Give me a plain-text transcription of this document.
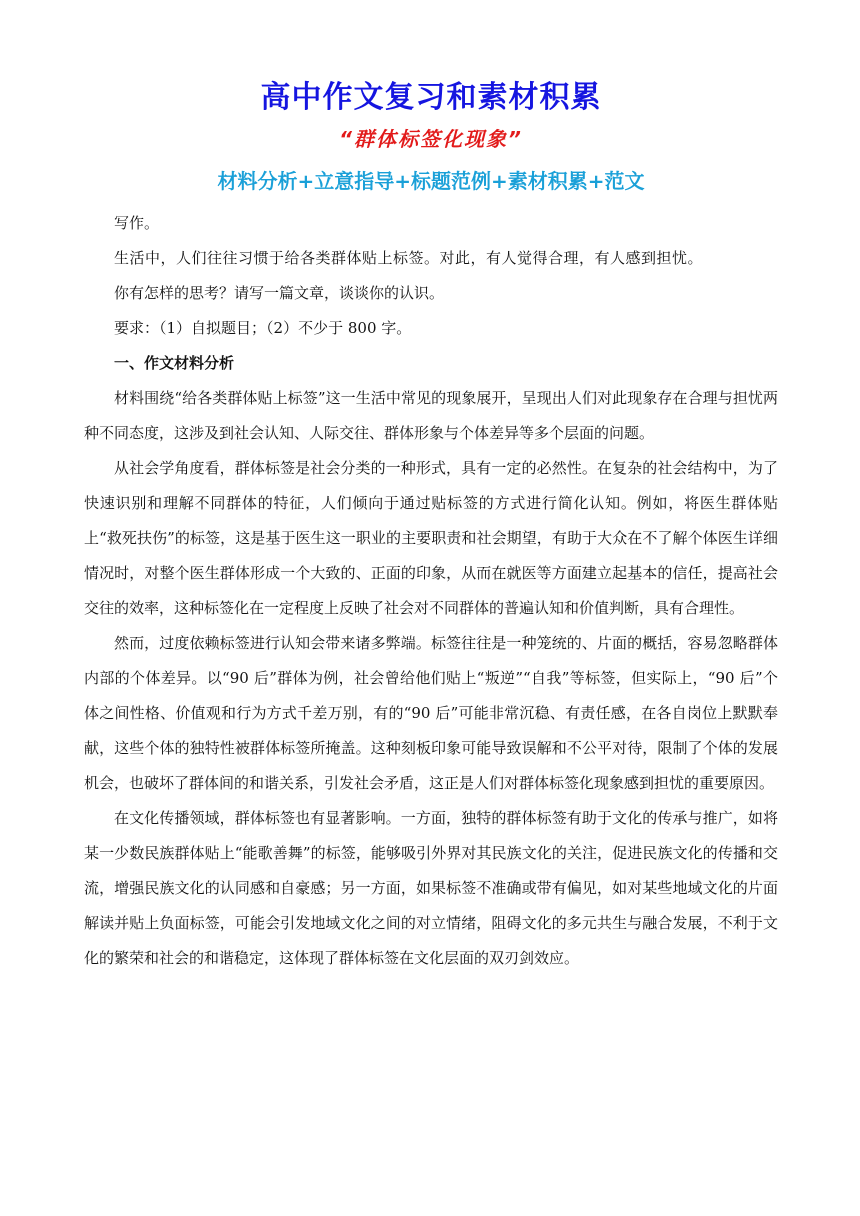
高中作文复习和素材积累
“群体标签化现象”
材料分析+立意指导+标题范例+素材积累+范文

写作。

生活中，人们往往习惯于给各类群体贴上标签。对此，有人觉得合理，有人感到担忧。

你有怎样的思考？请写一篇文章，谈谈你的认识。

要求：（1）自拟题目；（2）不少于 800 字。

一、作文材料分析

材料围绕“给各类群体贴上标签”这一生活中常见的现象展开，呈现出人们对此现象存在合理与担忧两种不同态度，这涉及到社会认知、人际交往、群体形象与个体差异等多个层面的问题。

从社会学角度看，群体标签是社会分类的一种形式，具有一定的必然性。在复杂的社会结构中，为了快速识别和理解不同群体的特征，人们倾向于通过贴标签的方式进行简化认知。例如，将医生群体贴上“救死扶伤”的标签，这是基于医生这一职业的主要职责和社会期望，有助于大众在不了解个体医生详细情况时，对整个医生群体形成一个大致的、正面的印象，从而在就医等方面建立起基本的信任，提高社会交往的效率，这种标签化在一定程度上反映了社会对不同群体的普遍认知和价值判断，具有合理性。

然而，过度依赖标签进行认知会带来诸多弊端。标签往往是一种笼统的、片面的概括，容易忽略群体内部的个体差异。以“90 后”群体为例，社会曾给他们贴上“叛逆”“自我”等标签，但实际上，“90 后”个体之间性格、价值观和行为方式千差万别，有的“90 后”可能非常沉稳、有责任感，在各自岗位上默默奉献，这些个体的独特性被群体标签所掩盖。这种刻板印象可能导致误解和不公平对待，限制了个体的发展机会，也破坏了群体间的和谐关系，引发社会矛盾，这正是人们对群体标签化现象感到担忧的重要原因。

在文化传播领域，群体标签也有显著影响。一方面，独特的群体标签有助于文化的传承与推广，如将某一少数民族群体贴上“能歌善舞”的标签，能够吸引外界对其民族文化的关注，促进民族文化的传播和交流，增强民族文化的认同感和自豪感；另一方面，如果标签不准确或带有偏见，如对某些地域文化的片面解读并贴上负面标签，可能会引发地域文化之间的对立情绪，阻碍文化的多元共生与融合发展，不利于文化的繁荣和社会的和谐稳定，这体现了群体标签在文化层面的双刃剑效应。
